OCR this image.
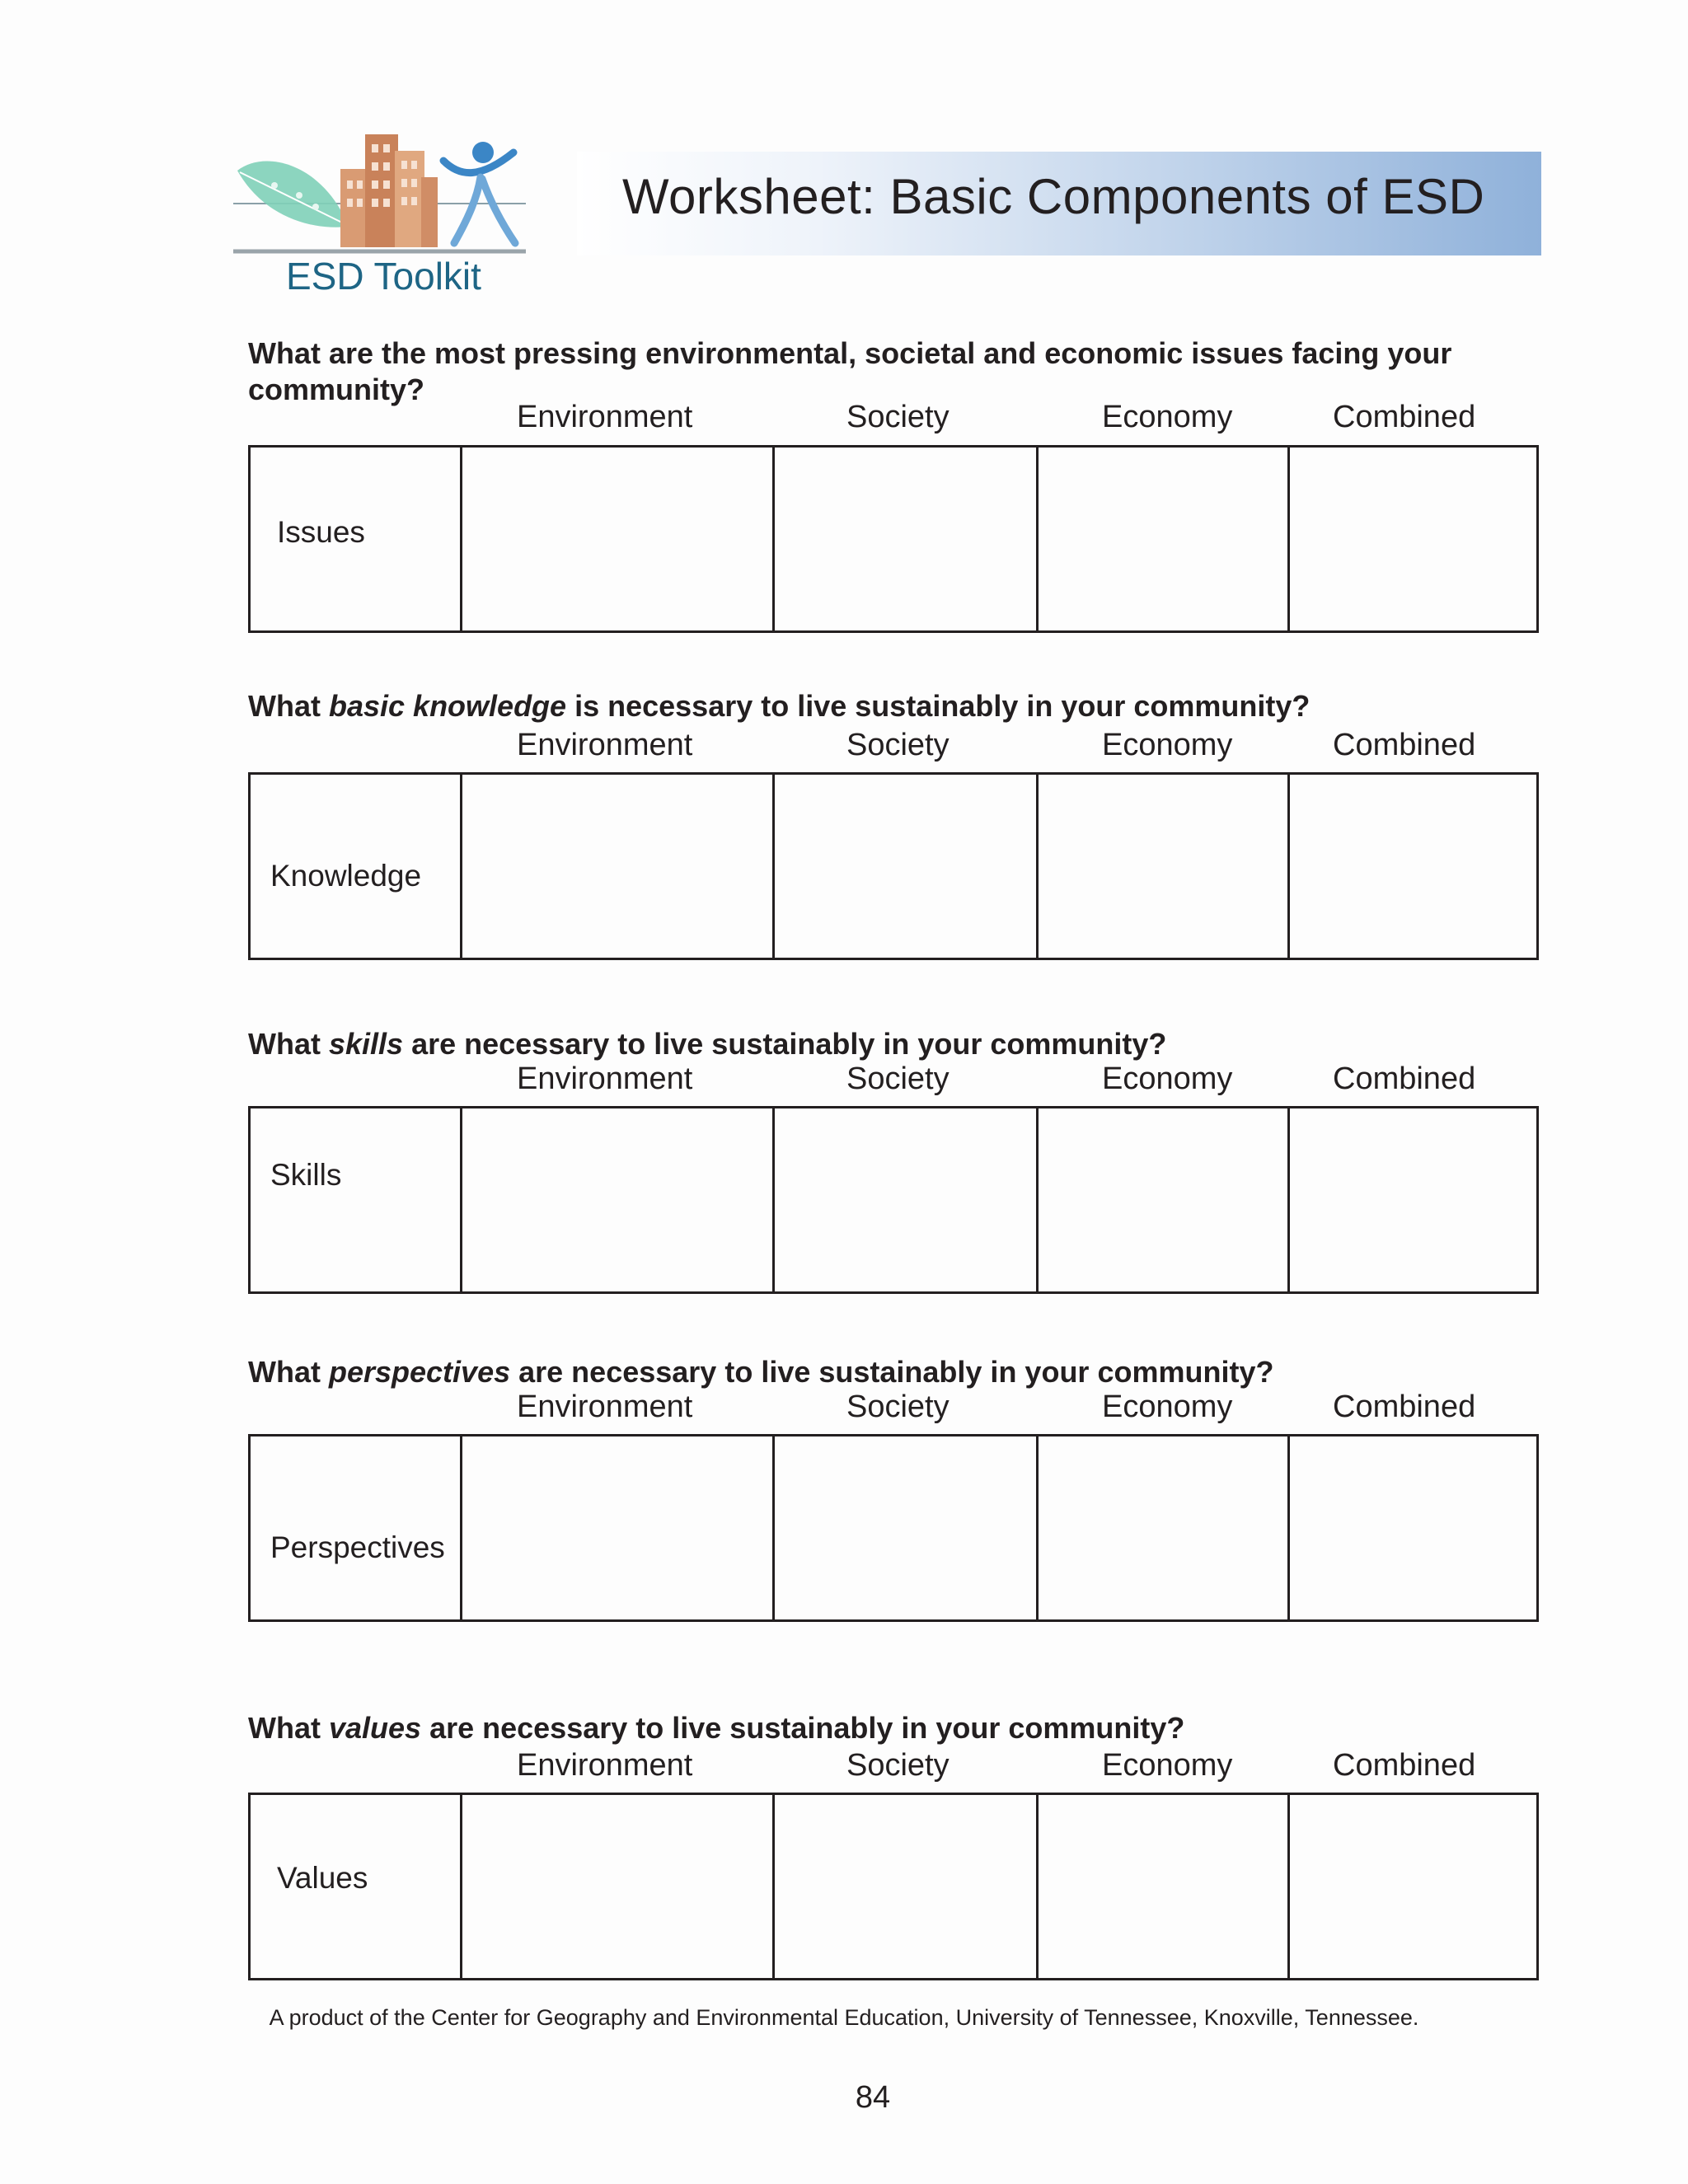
Worksheet: Basic Components of ESD
ESD Toolkit
What are the most pressing environmental, societal and economic issues facing your community?
Environment	Society	Economy	Combined
Issues
What basic knowledge is necessary to live sustainably in your community?
Environment	Society	Economy	Combined
Knowledge
What skills are necessary to live sustainably in your community?
Environment	Society	Economy	Combined
Skills
What perspectives are necessary to live sustainably in your community?
Environment	Society	Economy	Combined
Perspectives
What values are necessary to live sustainably in your community?
Environment	Society	Economy	Combined
Values
A product of the Center for Geography and Environmental Education, University of Tennessee, Knoxville, Tennessee.
84
